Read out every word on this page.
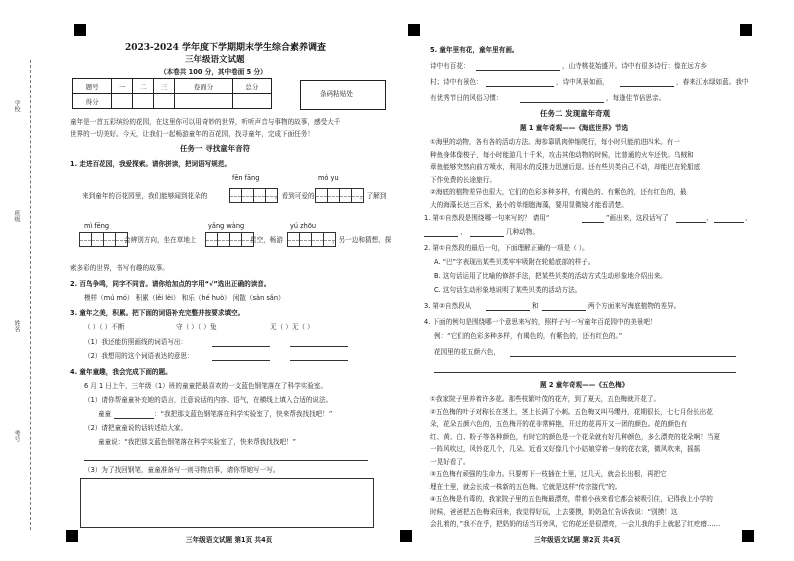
学校
班级
姓名
考号
2023-2024 学年度下学期期末学生综合素养调查
三年级语文试题
（本卷共 100 分，其中卷面 5 分）
题号	一	二	三	卷面分	总分
得分					
条码粘贴处
童年是一首五彩缤纷的花园，在这里你可以用奇妙的世界，听听声音与事物的故事，感受大千
世界的一切美好。今天，让我们一起畅游童年的百花园，找寻童年，完成下面任务！
任务一 寻找童年音符
1. 走进百花园，我爱探索。请你拼读，把词语写规范。
fēn fāng	mó yu
来到童年的百花园里，我们能够闻到花朵的	，看到可爱的	，了解到
mì fēng	yǎng wàng	yú zhōu
会辨别方向，坐在草地上	星空，畅游	，另一边和猜想，探
索多彩的世界，书写有趣的故事。
2. 百鸟争鸣，同字不同音。请你给加点的字用“√”选出正确的读音。
模样（mú mó） 积累（lěi lèi） 和乐（hé huò） 闲散（sàn sǎn）
3. 童年之美，积累。把下面的词语补充完整并按要求填空。
（ ）（ ）不断	守（ ）（ ）兔	无（ ）无（ ）
（1）我还能仿照画线的词语写出：
（2）我想用的这个词语表达的意思：
4. 童年童趣，我会完成下面的题。
6 月 1 日上午，三年级（1）班的童童把最喜欢的一支蓝色钢笔落在了科学实验室。
（1）请你帮童童补充她的语言，注意说话的内容、语气，在横线上填入合适的说法。
童童	：“我把那支蓝色钢笔落在科学实验室了，快来帮我找找吧！”
（2）请把童童说的话转述给大家。
童童说：“我把那支蓝色钢笔落在科学实验室了，快来帮我找找吧！”
（3）为了找回钢笔，童童准备写一则寻物启事，请你帮她写一写。
三年级语文试题 第1页 共4页
5. 童年里有花，童年里有画。
诗中有百花：	，山寺桃花始盛开。诗中有很多诗行：像在远方乡
村；诗中有景色：	，诗中风景如画，	，春来江水绿如蓝。我中
有优秀节日的风俗习惯：	，每逢佳节倍思亲。
任务二 发现童年奇观
题 1 童年奇观——《海底世界》节选
①海里的动物，各有各的活动方法。海参靠肌肉伸缩爬行，每小时只能前进四米。有一
种鱼身体像梭子，每小时能游几十千米，攻击其他动物的时候，比普通的火车还快。乌贼和
章鱼能够突然向前方喷水，利用水的反推力迅速后退。还有些贝类自己不动，却能巴在轮船底
下作免费的长途旅行。
②海底的植物差异也很大，它们的色彩多种多样，有褐色的、有紫色的，还有红色的，最
大的海藻长达三百米，最小的单细胞海藻，要用显微镜才能看清楚。
1. 第①自然段是围绕哪一句来写的？ 请用“	”画出来，这段话写了	、	、
、	几种动物。
2. 第①自然段的最后一句，下面理解正确的一项是（ ）。
A. “巴”字表现出某些贝类牢牢吸附在轮船底部的样子。
B. 这句话运用了比喻的修辞手法，把某些贝类的活动方式生动形象地介绍出来。
C. 这句话生动形象地说明了某些贝类的活动方法。
3. 第②自然段从	和	两个方面来写海底植物的差异。
4. 下面的例句是围绕哪一个意思来写的，照样子写一写童年百花园中的美景吧！
例：“它们的色彩多种多样，有褐色的，有紫色的，还有红色的。”
花园里的花五颜六色，
题 2 童年奇观——《五色梅》
①我家院子里养着许多花。那些枝繁叶茂的花卉，到了夏天，五色梅就开花了。
②五色梅的叶子对称长在茎上，茎上长满了小刺。五色梅又叫马缨丹，花期很长，七七月份长出花
朵，花朵五颜六色的，五色梅开的花非常鲜艳，开过的花再开又一团的颜色。花的颜色有
红、黄、白、粉子等各种颜色，有时它的颜色是一个花朵就有好几种颜色，多么漂亮的花朵啊！当夏
一阵风吹过，风铃花几个，几朵。近看又好像几个小姑娘穿着一身的花衣裳，微风吹来，摇摇
一晃好看了。
③五色梅有顽强的生命力。只要剪下一枝插在土里，过几天，就会长出根，再把它
埋在土里，就会长成一株新的五色梅。它就是这样“传宗接代”的。
④五色梅是有毒的，我家院子里的五色梅最漂亮，带着小孩来看它都会被吸引住，记得我上小学的
时候，爸爸把五色梅采回来，我觉得好玩，上去要摸，奶奶急忙告诉我说：“别摸！这
会扎着的，”我不在乎，把奶奶的话当耳旁风，它的花还是很漂亮，一会儿我的手上就起了红疙瘩……
三年级语文试题 第2页 共4页
